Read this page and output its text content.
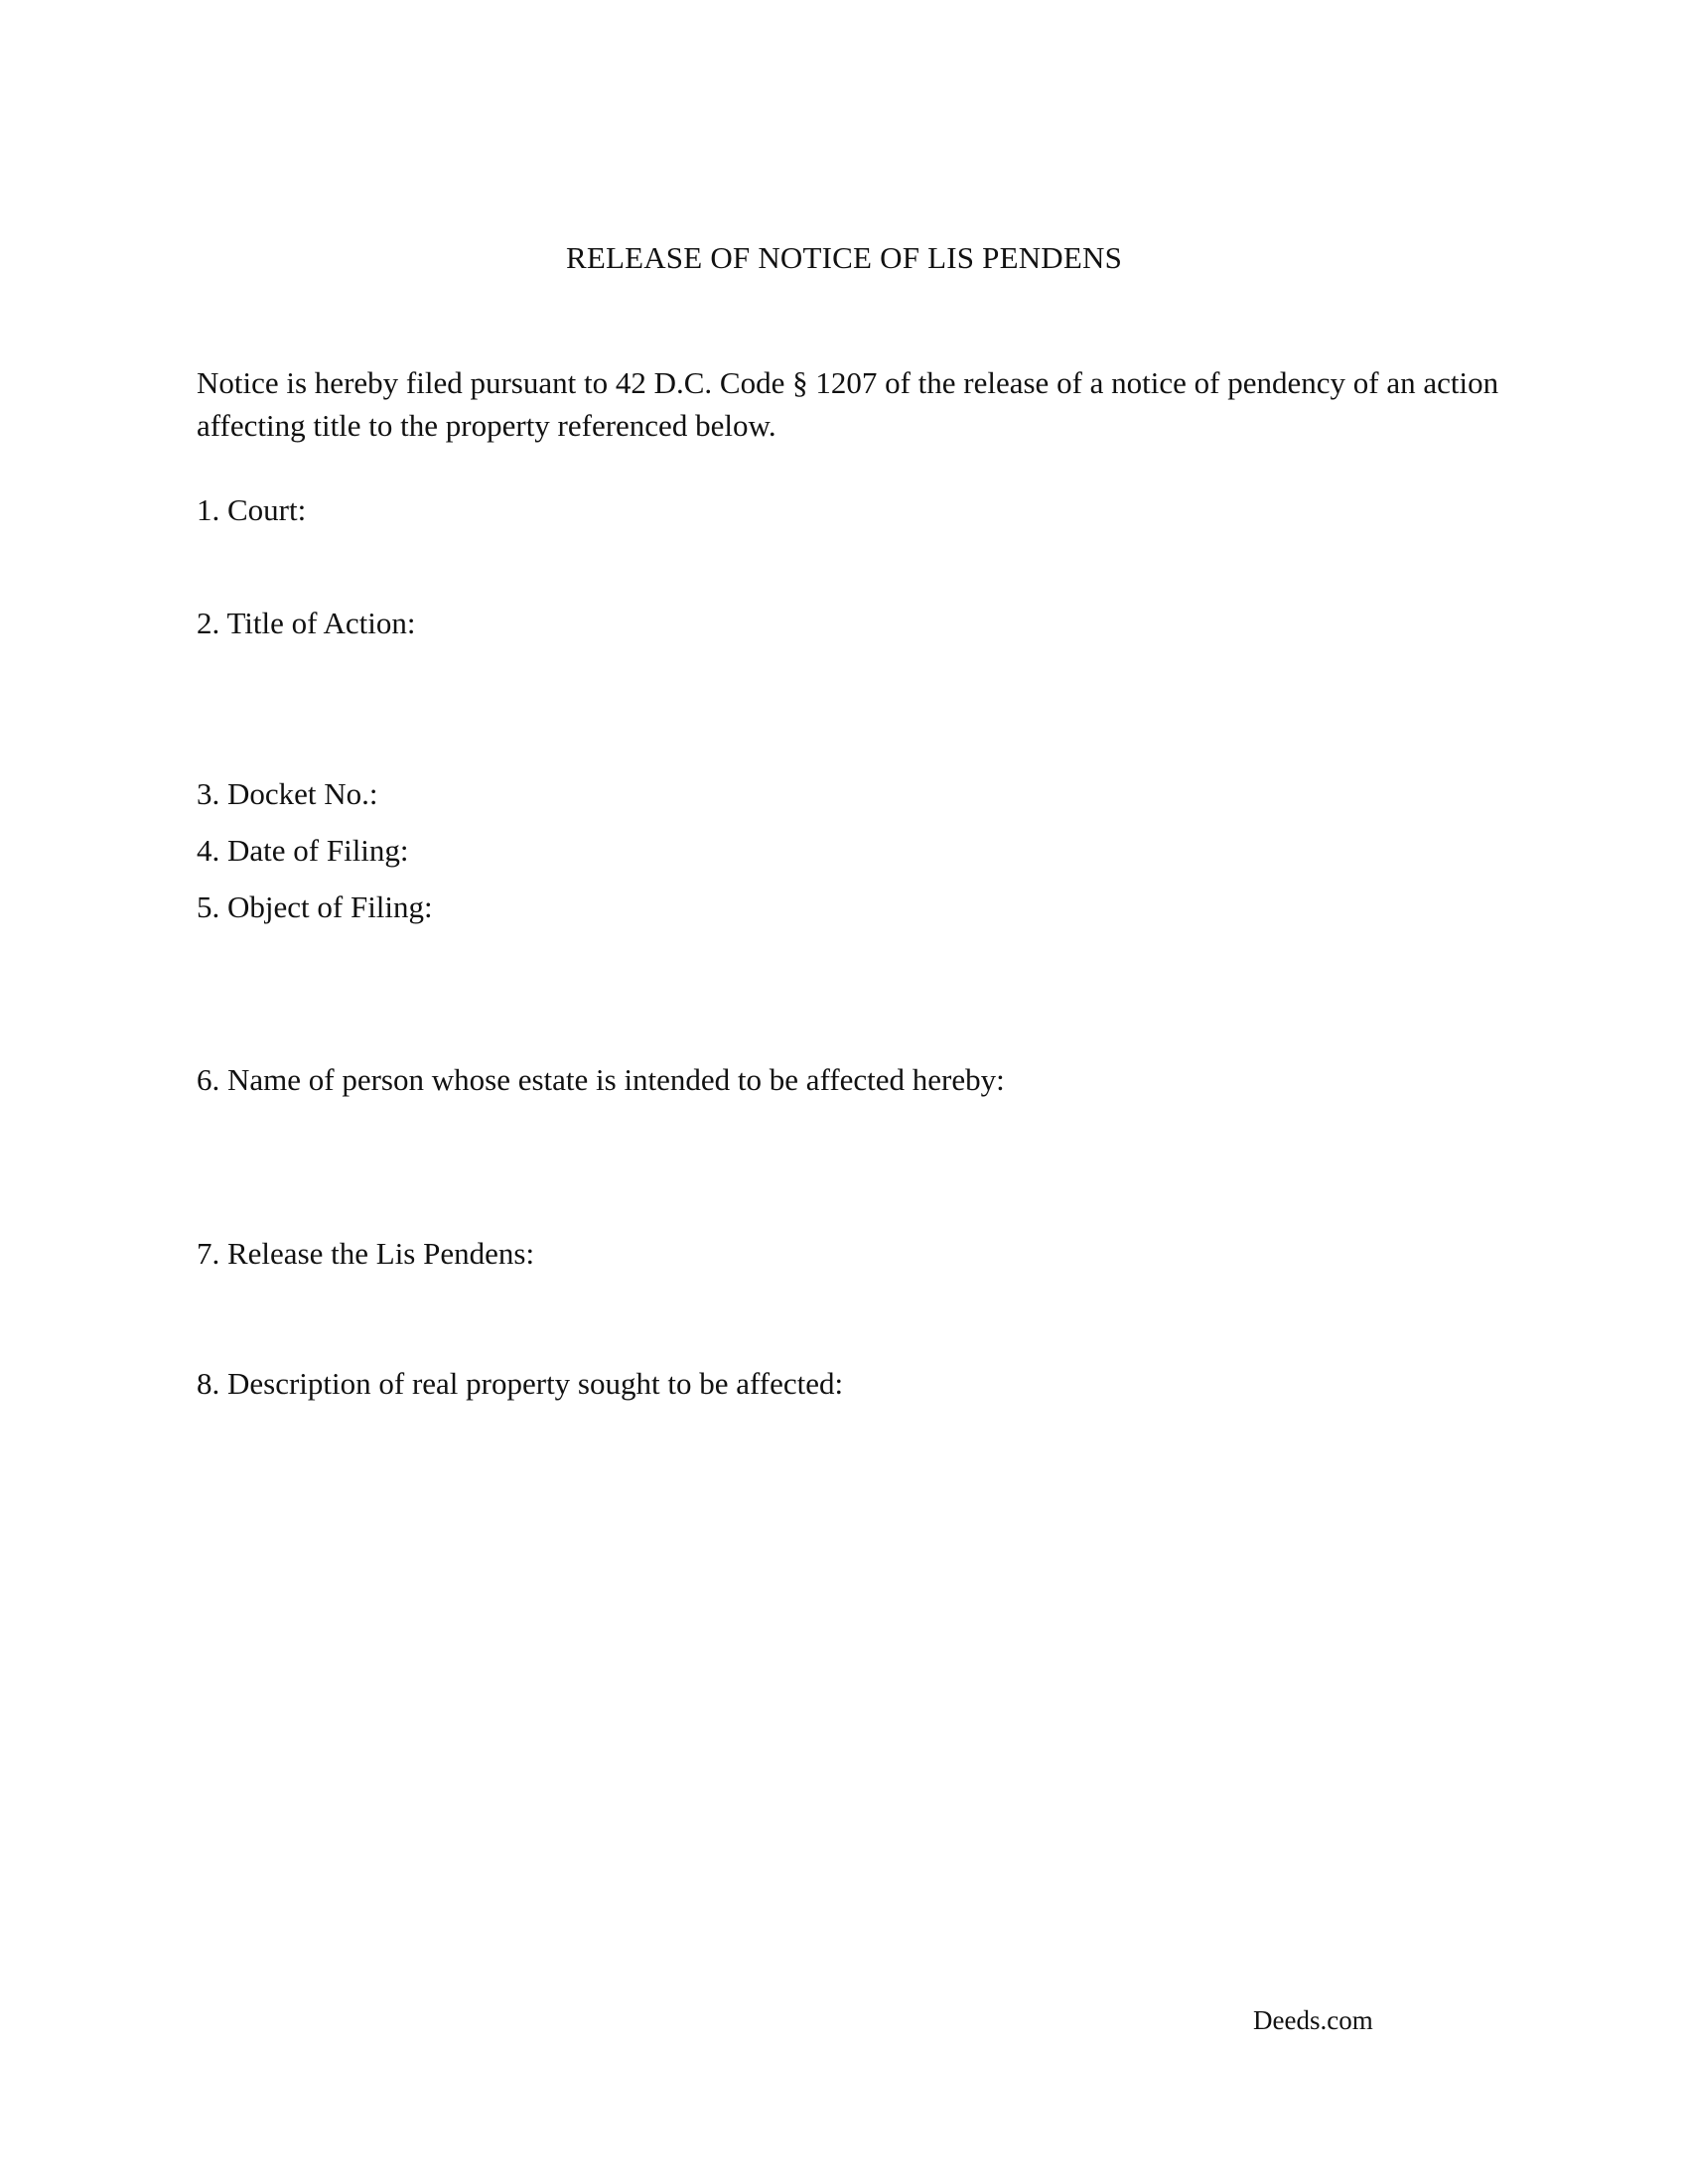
RELEASE OF NOTICE OF LIS PENDENS
Notice is hereby filed pursuant to 42 D.C. Code § 1207 of the release of a notice of pendency of an action affecting title to the property referenced below.
1. Court:
2. Title of Action:
3. Docket No.:
4. Date of Filing:
5. Object of Filing:
6. Name of person whose estate is intended to be affected hereby:
7. Release the Lis Pendens:
8. Description of real property sought to be affected:
Deeds.com
